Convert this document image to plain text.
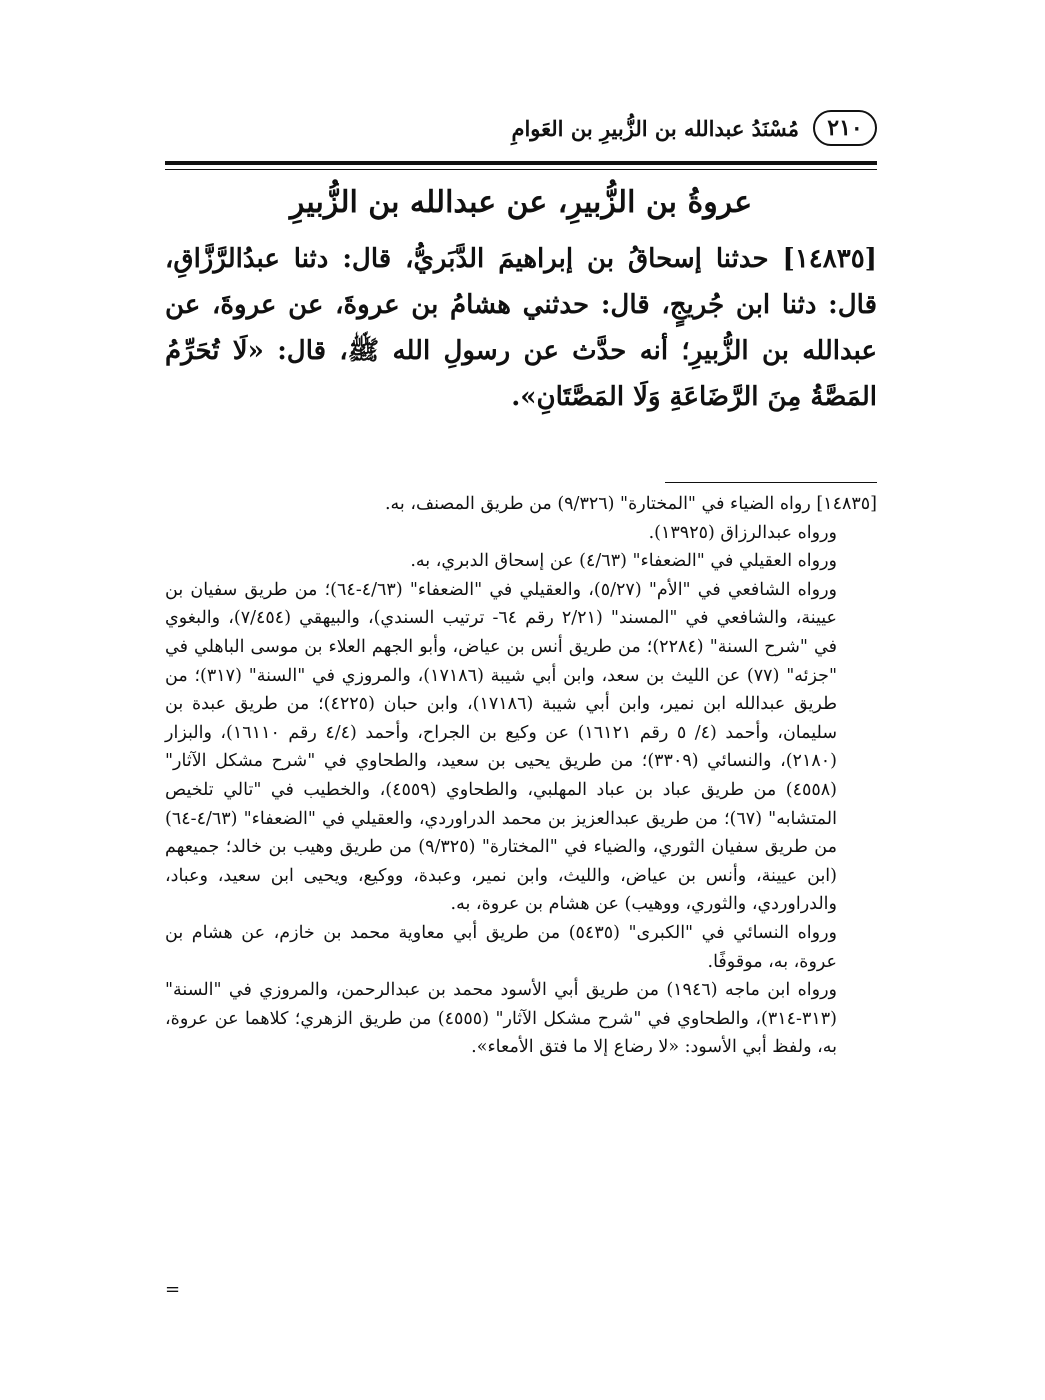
٢١٠
مُسْنَدُ عبدالله بن الزُّبيرِ بن العَوامِ
عروةُ بن الزُّبيرِ، عن عبدالله بن الزُّبيرِ
[١٤٨٣٥] حدثنا إسحاقُ بن إبراهيمَ الدَّبَريُّ، قال: دثنا عبدُالرَّزَّاقِ، قال: دثنا ابن جُريجٍ، قال: حدثني هشامُ بن عروةَ، عن عروةَ، عن عبدالله بن الزُّبيرِ؛ أنه حدَّث عن رسولِ الله ﷺ، قال: «لَا تُحَرِّمُ المَصَّةُ مِنَ الرَّضَاعَةِ وَلَا المَصَّتَانِ».

[١٤٨٣٥] رواه الضياء في "المختارة" (٩/٣٢٦) من طريق المصنف، به.

ورواه عبدالرزاق (١٣٩٢٥).

ورواه العقيلي في "الضعفاء" (٤/٦٣) عن إسحاق الدبري، به.

ورواه الشافعي في "الأم" (٥/٢٧)، والعقيلي في "الضعفاء" (٤/٦٣-٦٤)؛ من طريق سفيان بن عيينة، والشافعي في "المسند" (٢/٢١ رقم ٦٤- ترتيب السندي)، والبيهقي (٧/٤٥٤)، والبغوي في "شرح السنة" (٢٢٨٤)؛ من طريق أنس بن عياض، وأبو الجهم العلاء بن موسى الباهلي في "جزئه" (٧٧) عن الليث بن سعد، وابن أبي شيبة (١٧١٨٦)، والمروزي في "السنة" (٣١٧)؛ من طريق عبدالله ابن نمير، وابن أبي شيبة (١٧١٨٦)، وابن حبان (٤٢٢٥)؛ من طريق عبدة بن سليمان، وأحمد (٤/ ٥ رقم ١٦١٢١) عن وكيع بن الجراح، وأحمد (٤/٤ رقم ١٦١١٠)، والبزار (٢١٨٠)، والنسائي (٣٣٠٩)؛ من طريق يحيى بن سعيد، والطحاوي في "شرح مشكل الآثار" (٤٥٥٨) من طريق عباد بن عباد المهلبي، والطحاوي (٤٥٥٩)، والخطيب في "تالي تلخيص المتشابه" (٦٧)؛ من طريق عبدالعزيز بن محمد الدراوردي، والعقيلي في "الضعفاء" (٤/٦٣-٦٤) من طريق سفيان الثوري، والضياء في "المختارة" (٩/٣٢٥) من طريق وهيب بن خالد؛ جميعهم (ابن عيينة، وأنس بن عياض، والليث، وابن نمير، وعبدة، ووكيع، ويحيى ابن سعيد، وعباد، والدراوردي، والثوري، ووهيب) عن هشام بن عروة، به.

ورواه النسائي في "الكبرى" (٥٤٣٥) من طريق أبي معاوية محمد بن خازم، عن هشام بن عروة، به، موقوفًا.

ورواه ابن ماجه (١٩٤٦) من طريق أبي الأسود محمد بن عبدالرحمن، والمروزي في "السنة" (٣١٣-٣١٤)، والطحاوي في "شرح مشكل الآثار" (٤٥٥٥) من طريق الزهري؛ كلاهما عن عروة، به، ولفظ أبي الأسود: «لا رضاع إلا ما فتق الأمعاء».

=
